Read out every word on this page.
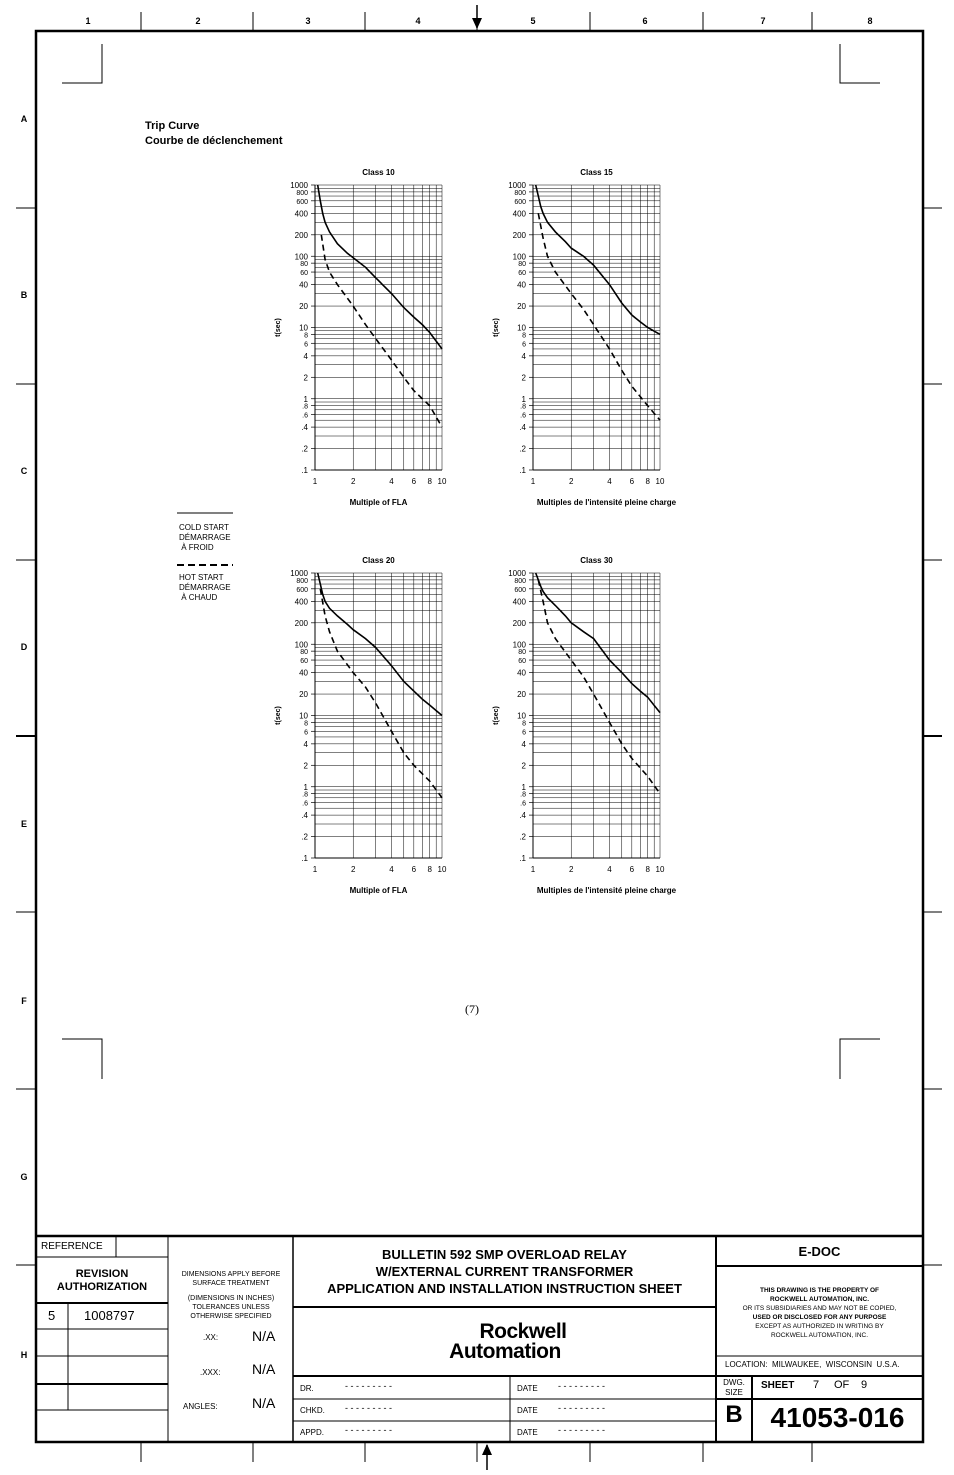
1	2	3	4	5	6	7	8
A
B
C
D
E
F
G
H
Trip Curve
Courbe de déclenchement
.1
.2
.4
.6
.8
1
2
4
6
8
10
20
40
60
80
100
200
400
600
800
1000
1	2	4 6 8 10
Class 10
Multiple of FLA
t(sec)
.1
.2
.4
.6
.8
1
2
4
6
8
10
20
40
60
80
100
200
400
600
800
1000
1	2	4 6 8 10
Class 15
Multiples de l'intensité pleine charge
t(sec)
.1
.2
.4
.6
.8
1
2
4
6
8
10
20
40
60
80
100
200
400
600
800
1000
1	2	4 6 8 10
Class 20
Multiple of FLA
t(sec)
.1
.2
.4
.6
.8
1
2
4
6
8
10
20
40
60
80
100
200
400
600
800
1000
1	2	4 6 8 10
Class 30
Multiples de l'intensité pleine charge
t(sec)
COLD START
DÉMARRAGE
À FROID
HOT START
DÉMARRAGE
À CHAUD
(7)
REFERENCE
REVISION
AUTHORIZATION
5 1008797
DIMENSIONS APPLY BEFORE
SURFACE TREATMENT
(DIMENSIONS IN INCHES)
TOLERANCES UNLESS
OTHERWISE SPECIFIED
.XX: N/A
.XXX: N/A
ANGLES: N/A
BULLETIN 592 SMP OVERLOAD RELAY
W/EXTERNAL CURRENT TRANSFORMER
APPLICATION AND INSTALLATION INSTRUCTION SHEET
Rockwell
Automation
DR.	- - - - - - - - -	DATE - - - - - - - - -
CHKD. - - - - - - - - -	DATE - - - - - - - - -
APPD. - - - - - - - - -	DATE - - - - - - - - -
E-DOC
THIS DRAWING IS THE PROPERTY OF
ROCKWELL AUTOMATION, INC.
OR ITS SUBSIDIARIES AND MAY NOT BE COPIED,
USED OR DISCLOSED FOR ANY PURPOSE
EXCEPT AS AUTHORIZED IN WRITING BY
ROCKWELL AUTOMATION, INC.
LOCATION:  MILWAUKEE,  WISCONSIN  U.S.A.
DWG.
SIZE
B
SHEET 7 OF 9
41053-016
